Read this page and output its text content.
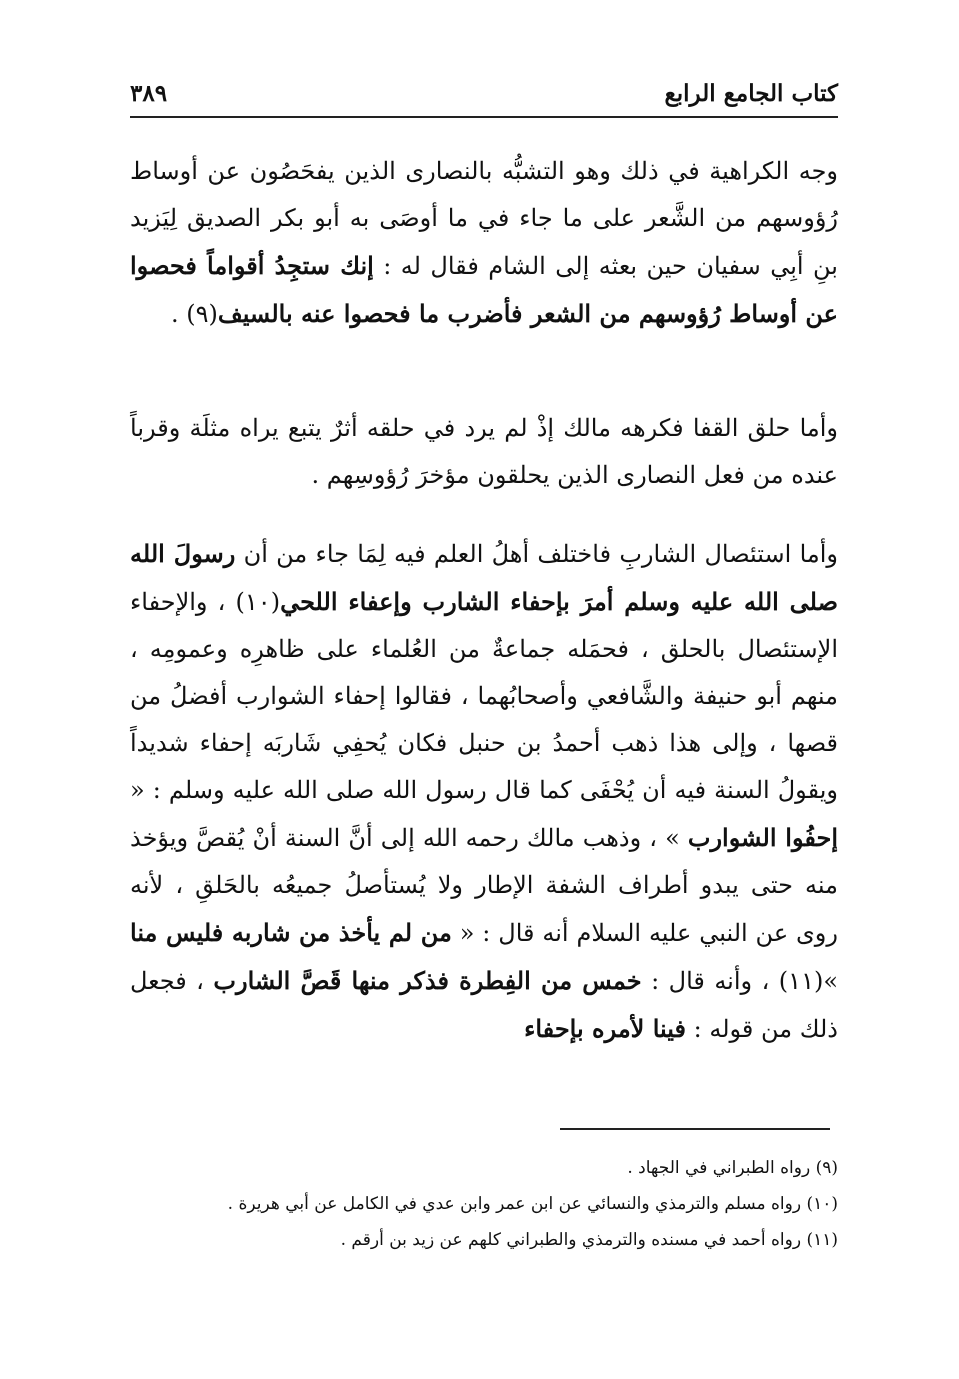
كتاب الجامع الرابع
٣٨٩

وجه الكراهية في ذلك وهو التشبُّه بالنصارى الذين يفحَصُون عن أوساط رُؤوسهم من الشَّعر على ما جاء في ما أوصَى به أبو بكر الصديق لِيَزيد بنِ أبِي سفيان حين بعثه إلى الشام فقال له : إنك ستجِدُ أقواماً فحصوا عن أوساط رُؤوسهم من الشعر فأضرب ما فحصوا عنه بالسيف(٩) .

وأما حلق القفا فكرهه مالك إذْ لم يرد في حلقه أثرٌ يتبع يراه مثلَة وقرباً عنده من فعل النصارى الذين يحلقون مؤخرَ رُؤوسِهم .

وأما استئصال الشاربِ فاختلف أهلُ العلم فيه لِمَا جاء من أن رسولَ الله صلى الله عليه وسلم أمرَ بإحفاء الشارب وإعفاء اللحي(١٠) ، والإحفاء الإستئصال بالحلق ، فحمَله جماعةٌ من العُلماء على ظاهرِه وعمومِه ، منهم أبو حنيفة والشَّافعي وأصحابُهما ، فقالوا إحفاء الشوارب أفضلُ من قصها ، وإلى هذا ذهب أحمدُ بن حنبل فكان يُحفِي شَاربَه إحفاء شديداً ويقولُ السنة فيه أن يُحْفَى كما قال رسول الله صلى الله عليه وسلم : « إحفُوا الشوارب » ، وذهب مالك رحمه الله إلى أنَّ السنة أنْ يُقصَّ ويؤخذ منه حتى يبدو أطراف الشفة الإطار ولا يُستأصلُ جميعُه بالحَلقِ ، لأنه روى عن النبي عليه السلام أنه قال : « من لم يأخذ من شاربه فليس منا »(١١) ، وأنه قال : خمس من الفِطرة فذكر منها قَصَّ الشارب ، فجعل ذلك من قوله : فينا لأمره بإحفاء

(٩) رواه الطبراني في الجهاد .

(١٠) رواه مسلم والترمذي والنسائي عن ابن عمر وابن عدي في الكامل عن أبي هريرة .

(١١) رواه أحمد في مسنده والترمذي والطبراني كلهم عن زيد بن أرقم .
